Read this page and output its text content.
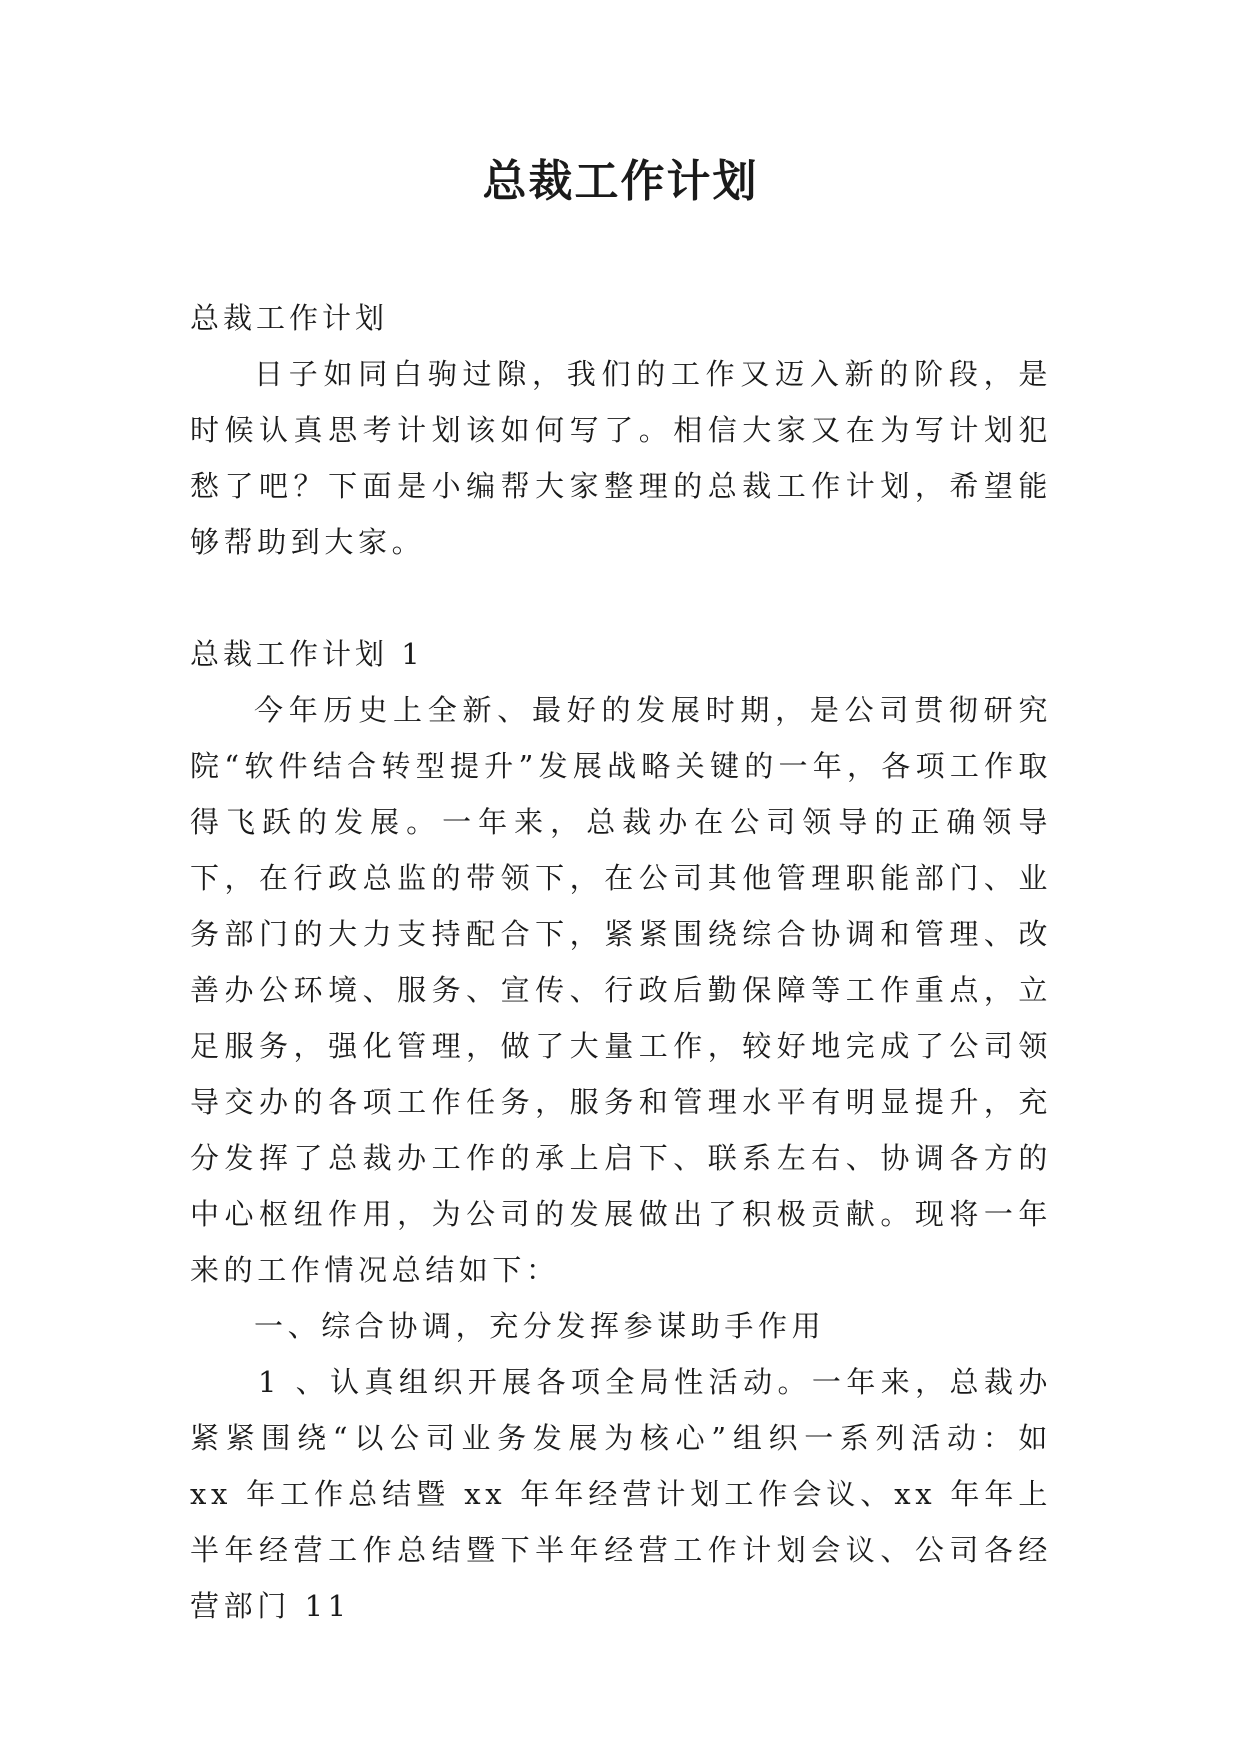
总裁工作计划

总裁工作计划

日子如同白驹过隙，我们的工作又迈入新的阶段，是时候认真思考计划该如何写了。相信大家又在为写计划犯愁了吧？下面是小编帮大家整理的总裁工作计划，希望能够帮助到大家。

总裁工作计划 1

今年历史上全新、最好的发展时期，是公司贯彻研究院“软件结合转型提升”发展战略关键的一年，各项工作取得飞跃的发展。一年来，总裁办在公司领导的正确领导下，在行政总监的带领下，在公司其他管理职能部门、业务部门的大力支持配合下，紧紧围绕综合协调和管理、改善办公环境、服务、宣传、行政后勤保障等工作重点，立足服务，强化管理，做了大量工作，较好地完成了公司领导交办的各项工作任务，服务和管理水平有明显提升，充分发挥了总裁办工作的承上启下、联系左右、协调各方的中心枢纽作用，为公司的发展做出了积极贡献。现将一年来的工作情况总结如下：

一、综合协调，充分发挥参谋助手作用

1 、认真组织开展各项全局性活动。一年来，总裁办紧紧围绕“以公司业务发展为核心”组织一系列活动：如 xx 年工作总结暨 xx 年年经营计划工作会议、xx 年年上半年经营工作总结暨下半年经营工作计划会议、公司各经营部门 11
